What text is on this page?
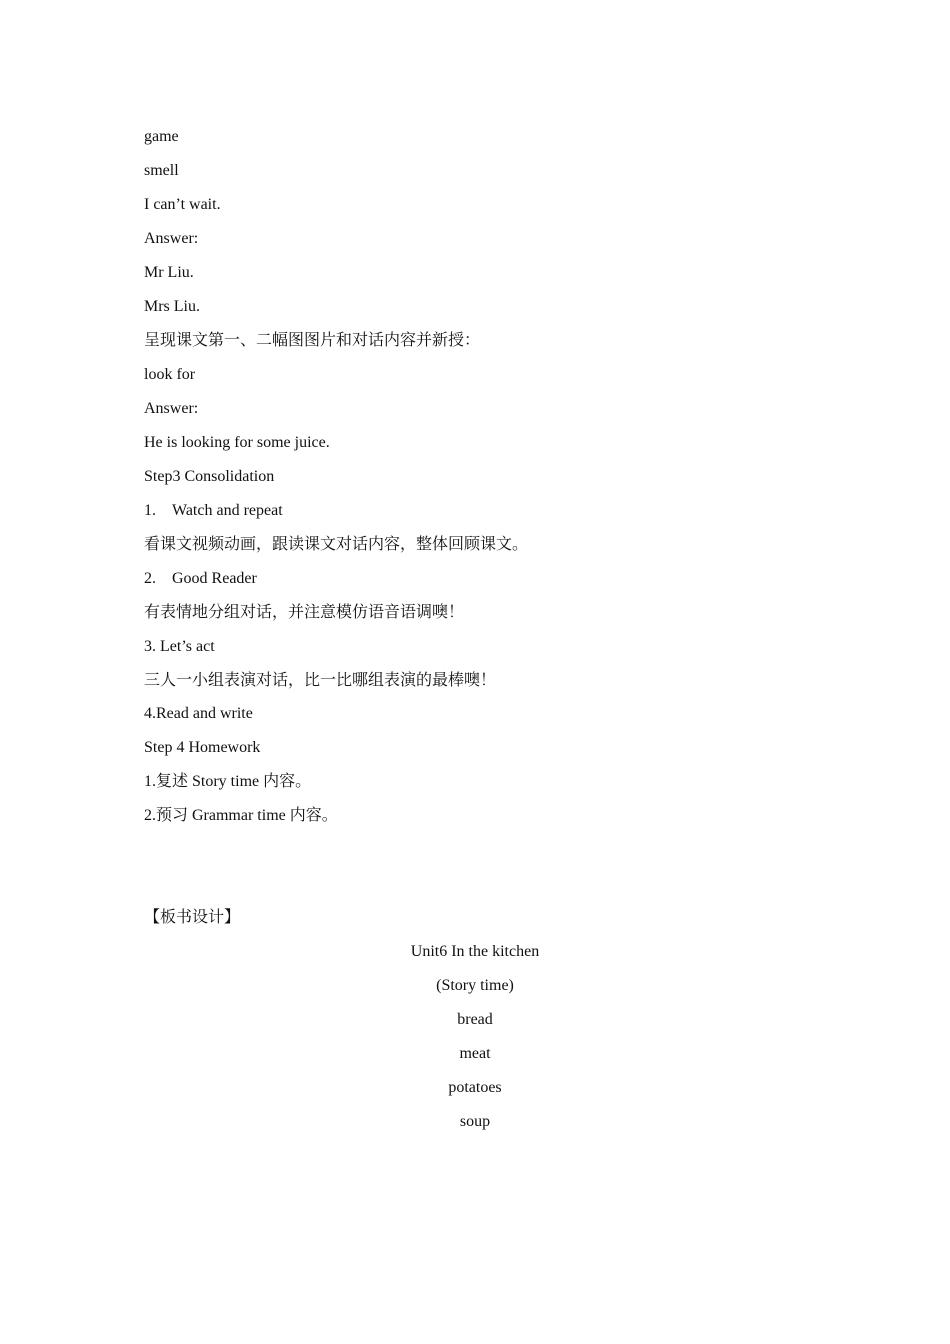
game
smell
I can’t wait.
Answer:
Mr Liu.
Mrs Liu.
呈现课文第一、二幅图图片和对话内容并新授：
look for
Answer:
He is looking for some juice.
Step3 Consolidation
1. Watch and repeat
看课文视频动画，跟读课文对话内容，整体回顾课文。
2. Good Reader
有表情地分组对话，并注意模仿语音语调噢！
3. Let’s act
三人一小组表演对话，比一比哪组表演的最棒噢！
4.Read and write
Step 4 Homework
1.复述 Story time 内容。
2.预习 Grammar time 内容。
【板书设计】
Unit6 In the kitchen
(Story time)
bread
meat
potatoes
soup
